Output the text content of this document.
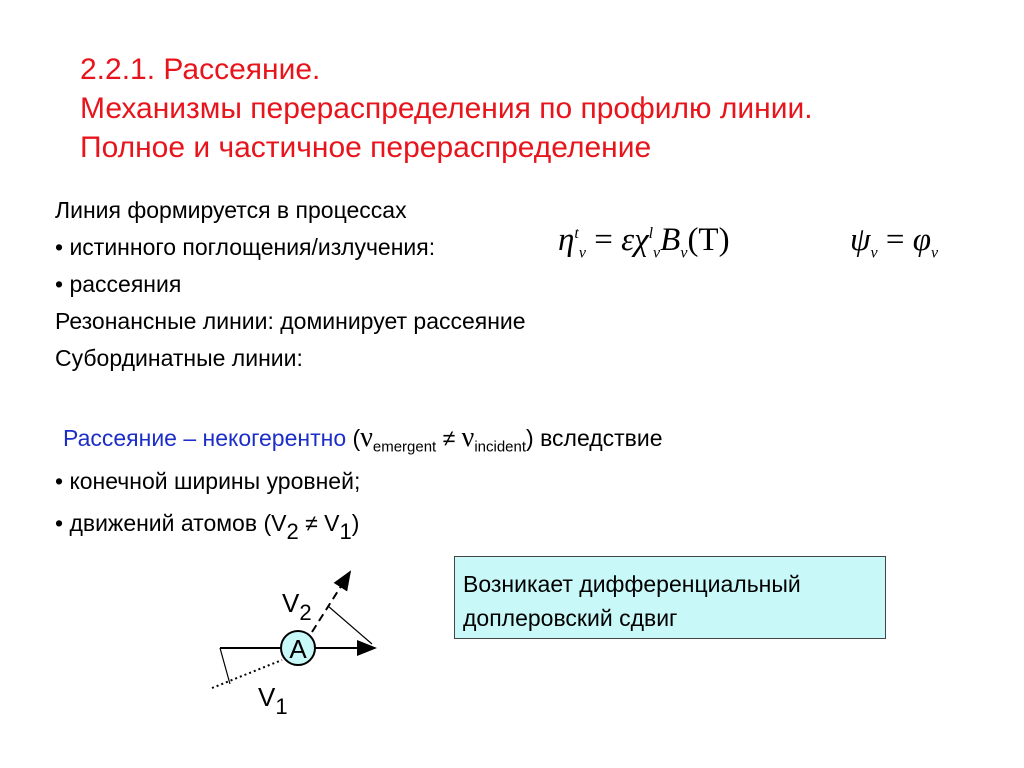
2.2.1. Рассеяние.
Механизмы перераспределения по профилю линии.
Полное и частичное перераспределение
Линия формируется в процессах
• истинного поглощения/излучения:
• рассеяния
Резонансные линии: доминирует рассеяние
Субординатные линии:
$\eta^t_\nu = \varepsilon\chi^l_\nu B_\nu(T)$	$\psi_\nu = \varphi_\nu$
Рассеяние – некогерентно $(\nu_{emergent} \ne \nu_{incident})$ вследствие
• конечной ширины уровней;
• движений атомов $(V_2 \ne V_1)$
Возникает дифференциальный
доплеровский сдвиг
A
$V_2$
$V_1$
